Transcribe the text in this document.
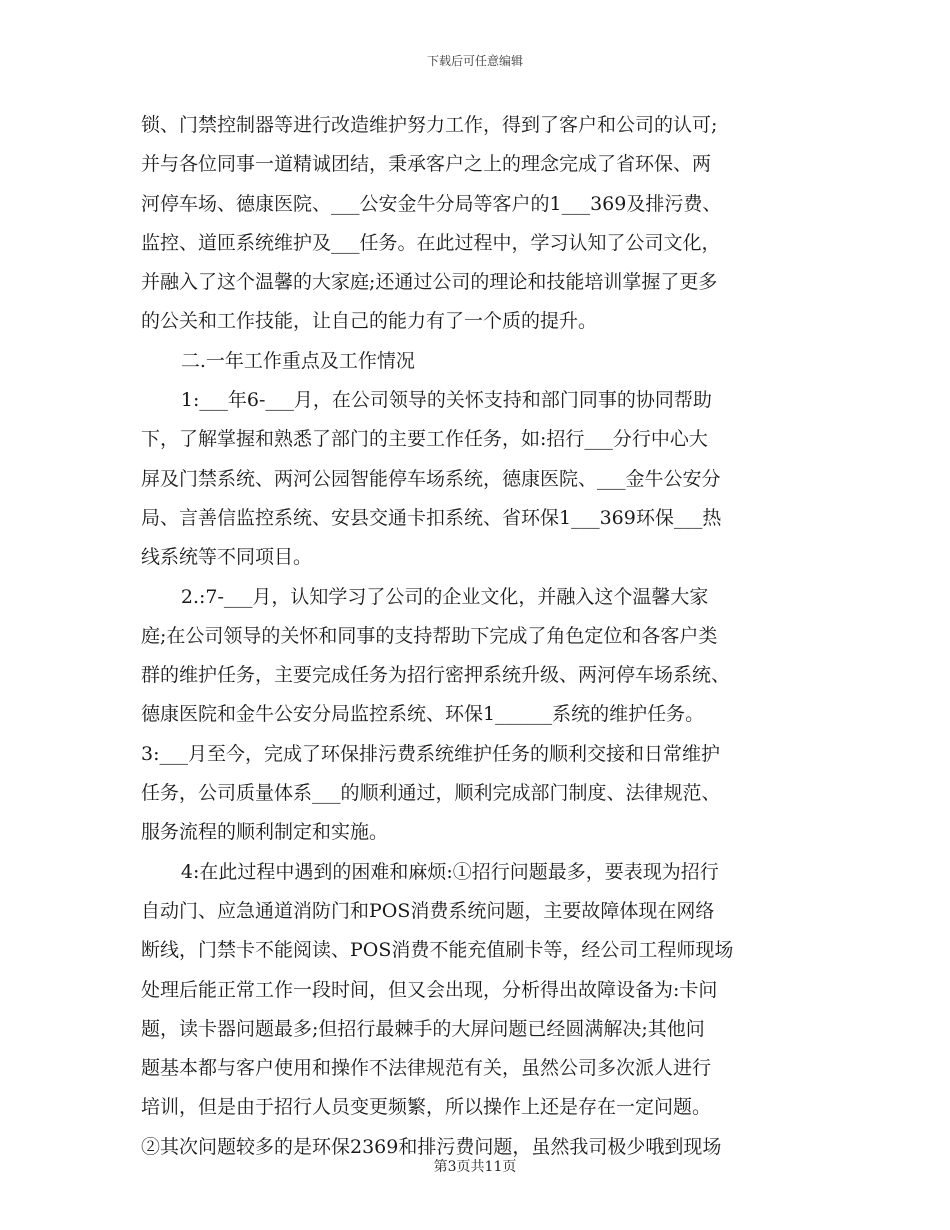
下载后可任意编辑
锁、门禁控制器等进行改造维护努力工作，得到了客户和公司的认可;
并与各位同事一道精诚团结，秉承客户之上的理念完成了省环保、两
河停车场、德康医院、___公安金牛分局等客户的1___369及排污费、
监控、道匝系统维护及___任务。在此过程中，学习认知了公司文化，
并融入了这个温馨的大家庭;还通过公司的理论和技能培训掌握了更多
的公关和工作技能，让自己的能力有了一个质的提升。
二.一年工作重点及工作情况
1:___年6-___月，在公司领导的关怀支持和部门同事的协同帮助
下，了解掌握和熟悉了部门的主要工作任务，如:招行___分行中心大
屏及门禁系统、两河公园智能停车场系统，德康医院、___金牛公安分
局、言善信监控系统、安县交通卡扣系统、省环保1___369环保___热
线系统等不同项目。
2.:7-___月，认知学习了公司的企业文化，并融入这个温馨大家
庭;在公司领导的关怀和同事的支持帮助下完成了角色定位和各客户类
群的维护任务，主要完成任务为招行密押系统升级、两河停车场系统、
德康医院和金牛公安分局监控系统、环保1______系统的维护任务。
3:___月至今，完成了环保排污费系统维护任务的顺利交接和日常维护
任务，公司质量体系___的顺利通过，顺利完成部门制度、法律规范、
服务流程的顺利制定和实施。
4:在此过程中遇到的困难和麻烦:①招行问题最多，要表现为招行
自动门、应急通道消防门和POS消费系统问题，主要故障体现在网络
断线，门禁卡不能阅读、POS消费不能充值刷卡等，经公司工程师现场
处理后能正常工作一段时间，但又会出现，分析得出故障设备为:卡问
题，读卡器问题最多;但招行最棘手的大屏问题已经圆满解决;其他问
题基本都与客户使用和操作不法律规范有关，虽然公司多次派人进行
培训，但是由于招行人员变更频繁，所以操作上还是存在一定问题。
②其次问题较多的是环保2369和排污费问题，虽然我司极少哦到现场
第3页共11页
